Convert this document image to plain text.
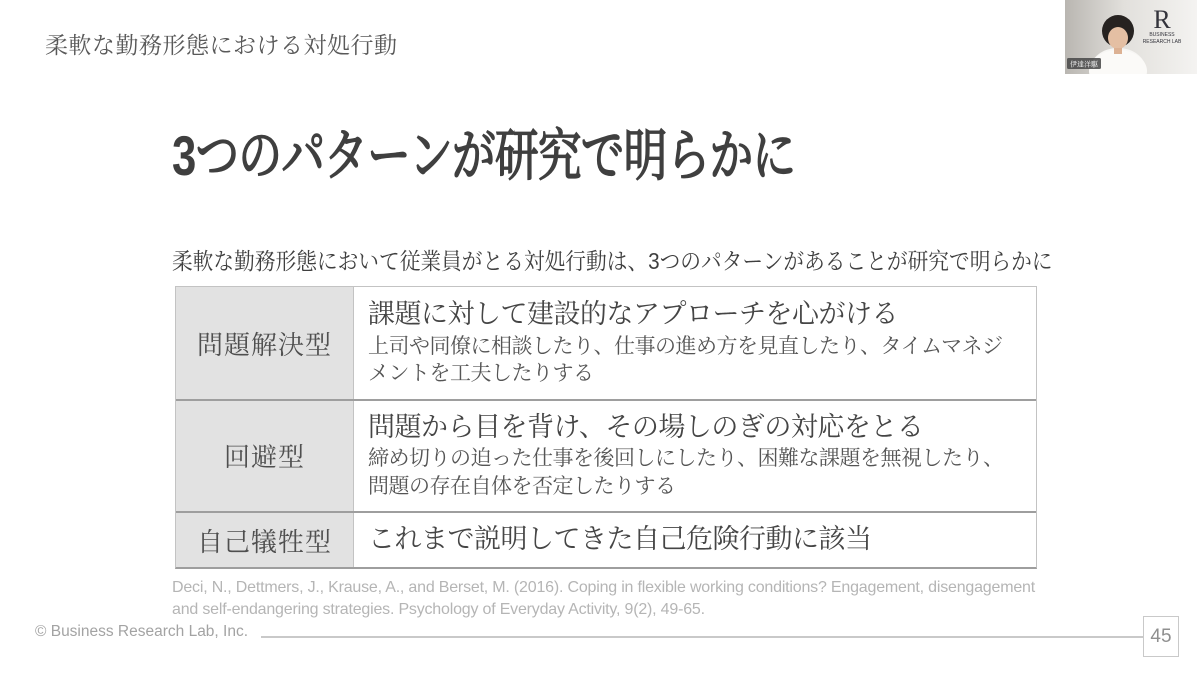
柔軟な勤務形態における対処行動
R
BUSINESS
RESEARCH LAB
伊達洋駆
3つのパターンが研究で明らかに
柔軟な勤務形態において従業員がとる対処行動は、3つのパターンがあることが研究で明らかに
問題解決型
課題に対して建設的なアプローチを心がける
上司や同僚に相談したり、仕事の進め方を見直したり、タイムマネジメントを工夫したりする
回避型
問題から目を背け、その場しのぎの対応をとる
締め切りの迫った仕事を後回しにしたり、困難な課題を無視したり、問題の存在自体を否定したりする
自己犠牲型	これまで説明してきた自己危険行動に該当
Deci, N., Dettmers, J., Krause, A., and Berset, M. (2016). Coping in flexible working conditions? Engagement, disengagement and self-endangering strategies. Psychology of Everyday Activity, 9(2), 49-65.
© Business Research Lab, Inc.	45
